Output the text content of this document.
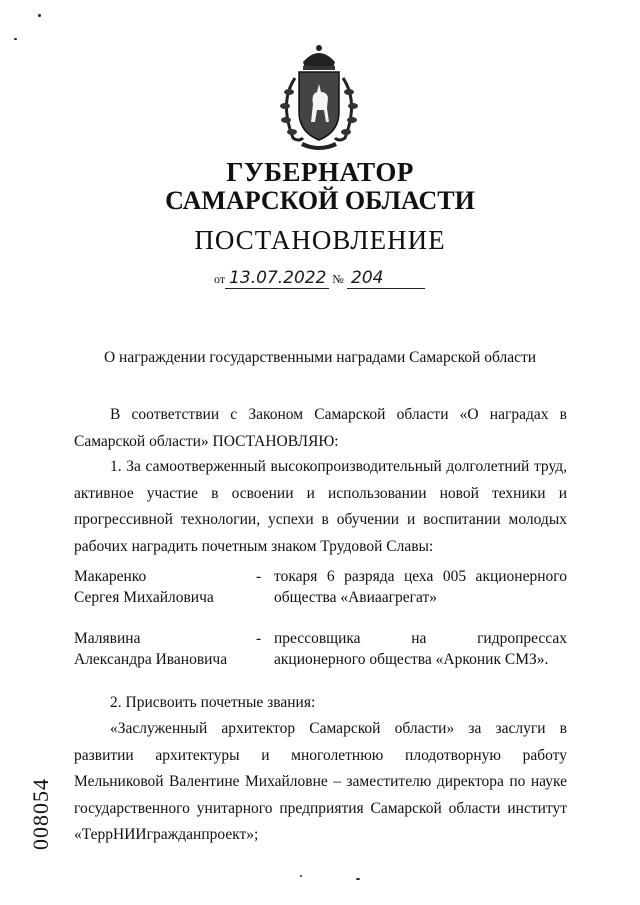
ГУБЕРНАТОР
САМАРСКОЙ ОБЛАСТИ
ПОСТАНОВЛЕНИЕ
от 13.07.2022 № 204
О награждении государственными наградами Самарской области
В соответствии с Законом Самарской области «О наградах в Самарской области» ПОСТАНОВЛЯЮ:
1. За самоотверженный высокопроизводительный долголетний труд, активное участие в освоении и использовании новой техники и прогрессивной технологии, успехи в обучении и воспитании молодых рабочих наградить почетным знаком Трудовой Славы:
Макаренко
Сергея Михайловича
- токаря 6 разряда цеха 005 акционерного общества «Авиаагрегат»
Малявина
Александра Ивановича
- прессовщика на гидропрессах акционерного общества «Арконик СМЗ».
2. Присвоить почетные звания:
«Заслуженный архитектор Самарской области» за заслуги в развитии архитектуры и многолетнюю плодотворную работу Мельниковой Валентине Михайловне – заместителю директора по науке государственного унитарного предприятия Самарской области институт «ТеррНИИгражданпроект»;
008054
